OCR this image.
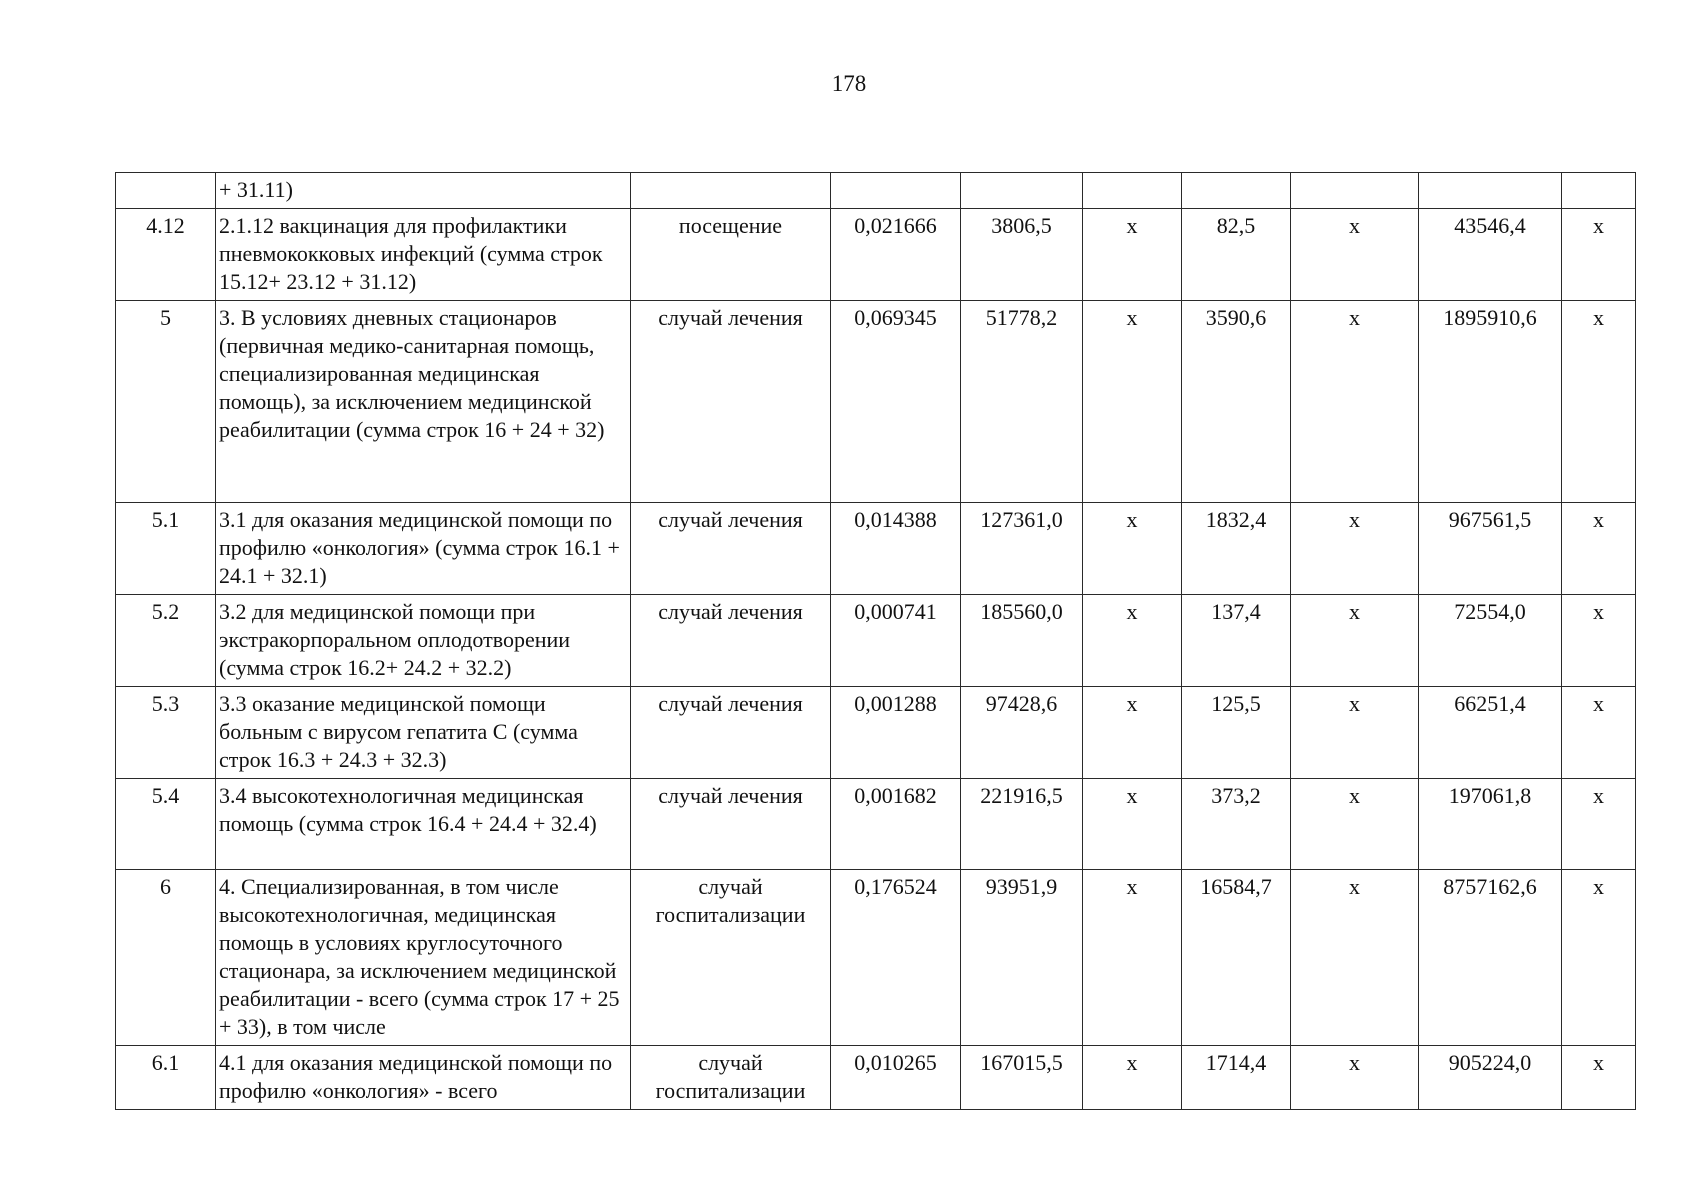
178
	+ 31.11)								
4.12	2.1.12 вакцинация для профилактики пневмококковых инфекций (сумма строк 15.12+ 23.12 + 31.12)	посещение	0,021666	3806,5	x	82,5	x	43546,4	x
5	3. В условиях дневных стационаров (первичная медико-санитарная помощь, специализированная медицинская помощь), за исключением медицинской реабилитации (сумма строк 16 + 24 + 32)	случай лечения	0,069345	51778,2	x	3590,6	x	1895910,6	x
5.1	3.1 для оказания медицинской помощи по профилю «онкология» (сумма строк 16.1 + 24.1 + 32.1)	случай лечения	0,014388	127361,0	x	1832,4	x	967561,5	x
5.2	3.2 для медицинской помощи при экстракорпоральном оплодотворении (сумма строк 16.2+ 24.2 + 32.2)	случай лечения	0,000741	185560,0	x	137,4	x	72554,0	x
5.3	3.3 оказание медицинской помощи больным с вирусом гепатита С (сумма строк 16.3 + 24.3 + 32.3)	случай лечения	0,001288	97428,6	x	125,5	x	66251,4	x
5.4	3.4 высокотехнологичная медицинская помощь (сумма строк 16.4 + 24.4 + 32.4)	случай лечения	0,001682	221916,5	x	373,2	x	197061,8	x
6	4. Специализированная, в том числе высокотехнологичная, медицинская помощь в условиях круглосуточного стационара, за исключением медицинской реабилитации - всего (сумма строк 17 + 25 + 33), в том числе	случай госпитализации	0,176524	93951,9	x	16584,7	x	8757162,6	x
6.1	4.1 для оказания медицинской помощи по профилю «онкология» - всего	случай госпитализации	0,010265	167015,5	x	1714,4	x	905224,0	x
